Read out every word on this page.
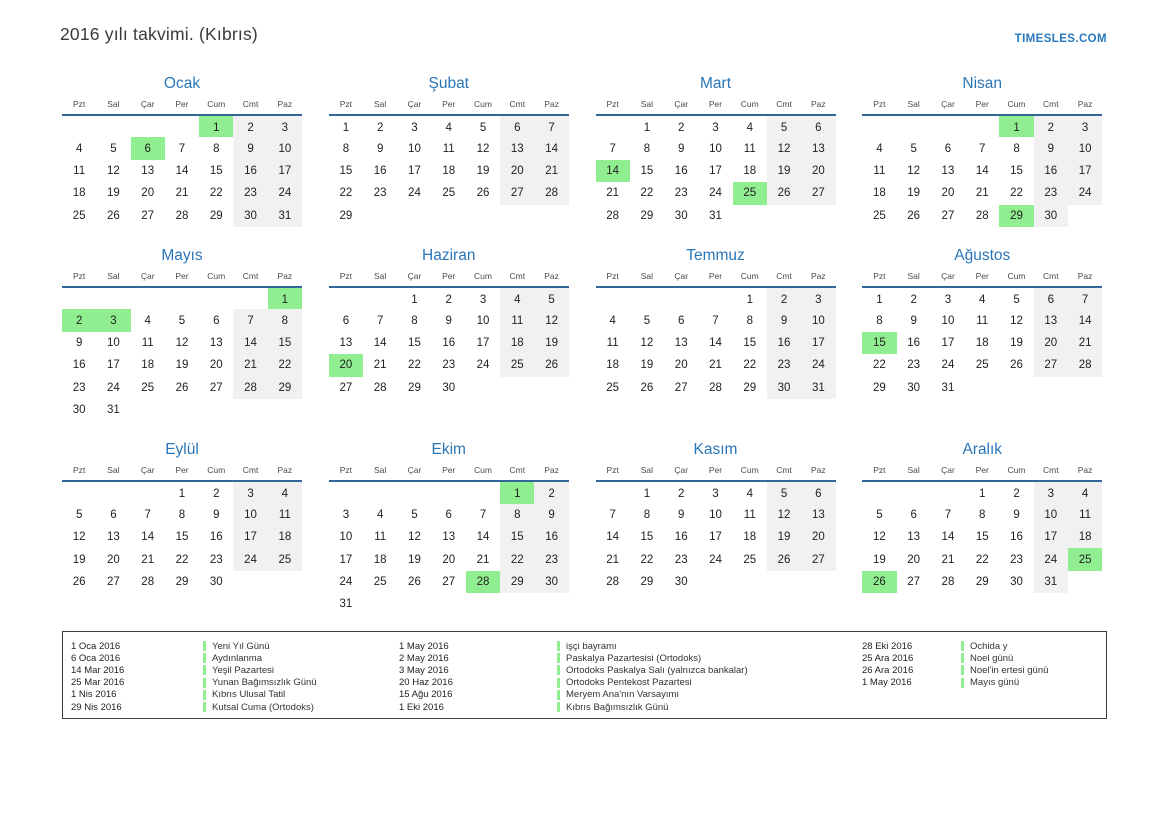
2016 yılı takvimi. (Kıbrıs)	TIMESLES.COM
Ocak
Pzt	Sal	Çar	Per	Cum	Cmt	Paz
				1	2	3
4	5	6	7	8	9	10
11	12	13	14	15	16	17
18	19	20	21	22	23	24
25	26	27	28	29	30	31
Şubat
Pzt	Sal	Çar	Per	Cum	Cmt	Paz
1	2	3	4	5	6	7
8	9	10	11	12	13	14
15	16	17	18	19	20	21
22	23	24	25	26	27	28
29						
Mart
Pzt	Sal	Çar	Per	Cum	Cmt	Paz
	1	2	3	4	5	6
7	8	9	10	11	12	13
14	15	16	17	18	19	20
21	22	23	24	25	26	27
28	29	30	31			
Nisan
Pzt	Sal	Çar	Per	Cum	Cmt	Paz
				1	2	3
4	5	6	7	8	9	10
11	12	13	14	15	16	17
18	19	20	21	22	23	24
25	26	27	28	29	30	
Mayıs
Pzt	Sal	Çar	Per	Cum	Cmt	Paz
						1
2	3	4	5	6	7	8
9	10	11	12	13	14	15
16	17	18	19	20	21	22
23	24	25	26	27	28	29
30	31					
Haziran
Pzt	Sal	Çar	Per	Cum	Cmt	Paz
		1	2	3	4	5
6	7	8	9	10	11	12
13	14	15	16	17	18	19
20	21	22	23	24	25	26
27	28	29	30			
Temmuz
Pzt	Sal	Çar	Per	Cum	Cmt	Paz
				1	2	3
4	5	6	7	8	9	10
11	12	13	14	15	16	17
18	19	20	21	22	23	24
25	26	27	28	29	30	31
Ağustos
Pzt	Sal	Çar	Per	Cum	Cmt	Paz
1	2	3	4	5	6	7
8	9	10	11	12	13	14
15	16	17	18	19	20	21
22	23	24	25	26	27	28
29	30	31				
Eylül
Pzt	Sal	Çar	Per	Cum	Cmt	Paz
			1	2	3	4
5	6	7	8	9	10	11
12	13	14	15	16	17	18
19	20	21	22	23	24	25
26	27	28	29	30		
Ekim
Pzt	Sal	Çar	Per	Cum	Cmt	Paz
					1	2
3	4	5	6	7	8	9
10	11	12	13	14	15	16
17	18	19	20	21	22	23
24	25	26	27	28	29	30
31						
Kasım
Pzt	Sal	Çar	Per	Cum	Cmt	Paz
	1	2	3	4	5	6
7	8	9	10	11	12	13
14	15	16	17	18	19	20
21	22	23	24	25	26	27
28	29	30				
Aralık
Pzt	Sal	Çar	Per	Cum	Cmt	Paz
			1	2	3	4
5	6	7	8	9	10	11
12	13	14	15	16	17	18
19	20	21	22	23	24	25
26	27	28	29	30	31	
1 Oca 2016	Yeni Yıl Günü
6 Oca 2016	Aydınlanma
14 Mar 2016	Yeşil Pazartesi
25 Mar 2016	Yunan Bağımsızlık Günü
1 Nis 2016	Kıbrıs Ulusal Tatil
29 Nis 2016	Kutsal Cuma (Ortodoks)
1 May 2016	işçi bayramı
2 May 2016	Paskalya Pazartesisi (Ortodoks)
3 May 2016	Ortodoks Paskalya Salı (yalnızca bankalar)
20 Haz 2016	Ortodoks Pentekost Pazartesi
15 Ağu 2016	Meryem Ana'nın Varsayımı
1 Eki 2016	Kıbrıs Bağımsızlık Günü
28 Eki 2016	Ochida y
25 Ara 2016	Noel günü
26 Ara 2016	Noel'in ertesi günü
1 May 2016	Mayıs günü
